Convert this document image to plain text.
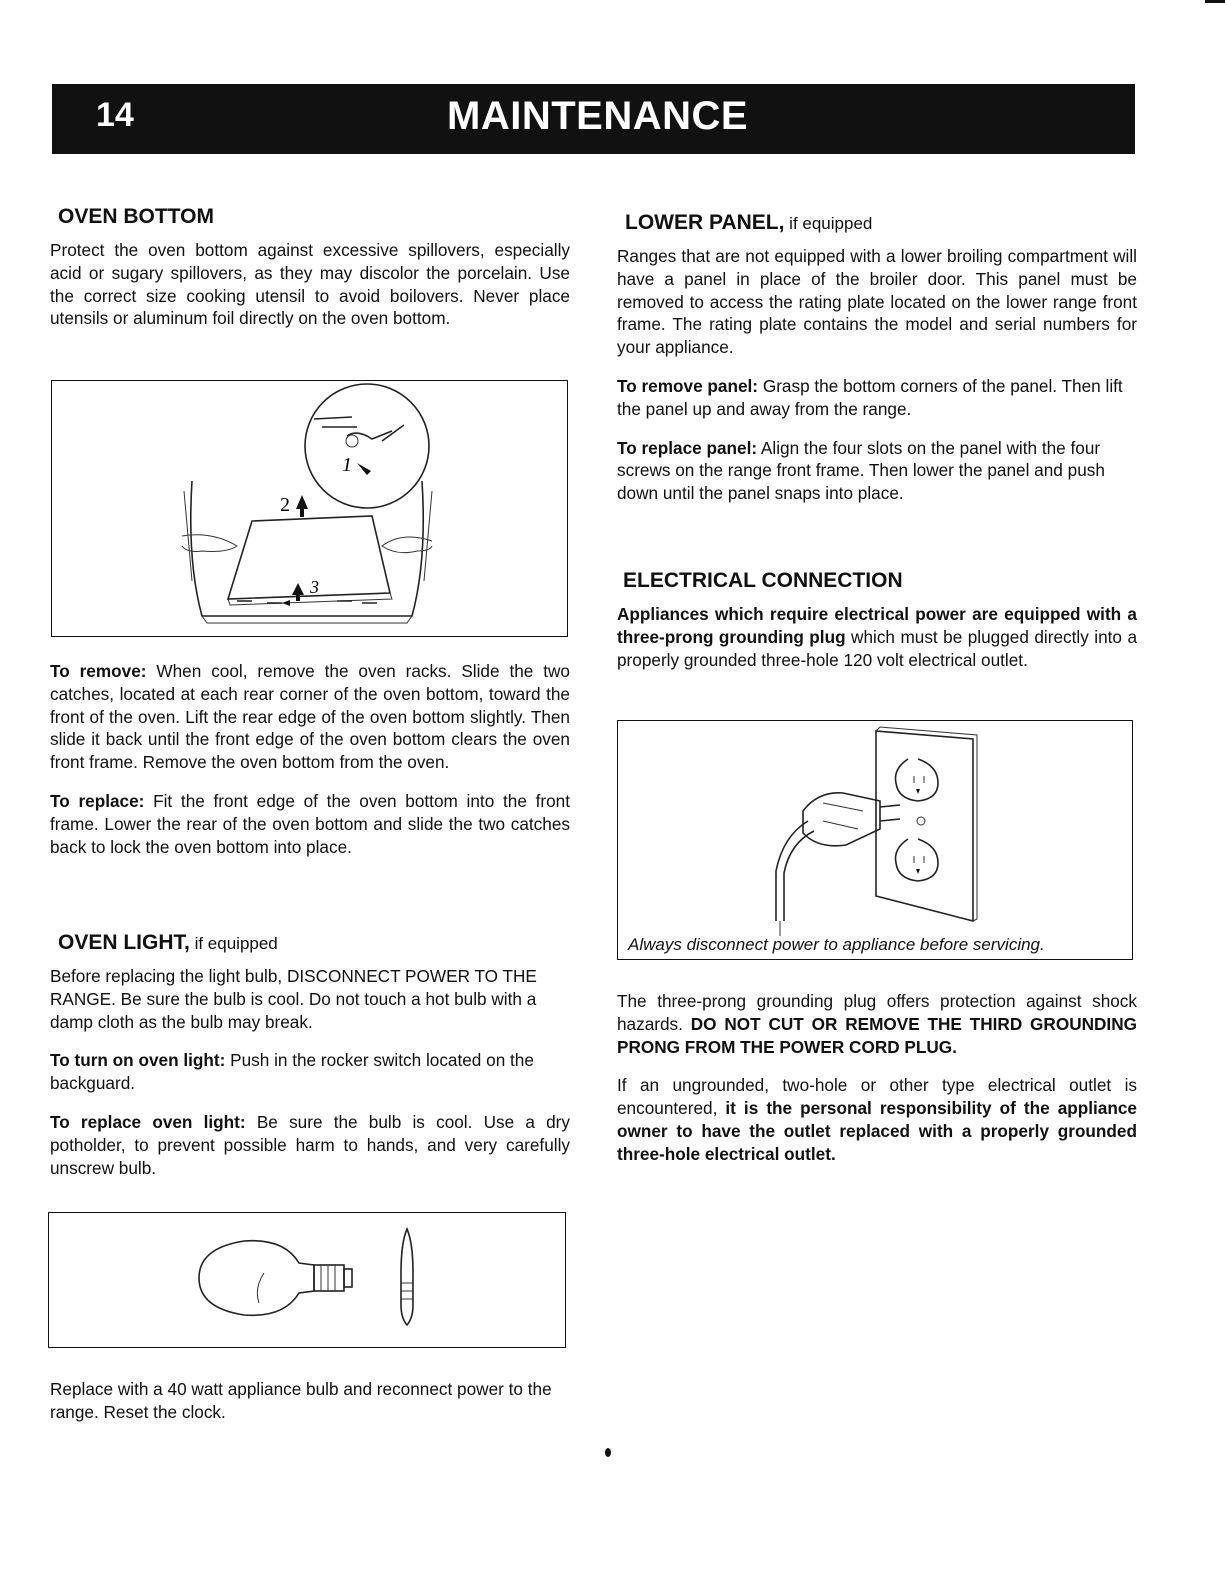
14	MAINTENANCE
OVEN BOTTOM

Protect the oven bottom against excessive spillovers, especially acid or sugary spillovers, as they may discolor the porcelain. Use the correct size cooking utensil to avoid boilovers. Never place utensils or aluminum foil directly on the oven bottom.

1
2
3

To remove: When cool, remove the oven racks. Slide the two catches, located at each rear corner of the oven bottom, toward the front of the oven. Lift the rear edge of the oven bottom slightly. Then slide it back until the front edge of the oven bottom clears the oven front frame. Remove the oven bottom from the oven.

To replace: Fit the front edge of the oven bottom into the front frame. Lower the rear of the oven bottom and slide the two catches back to lock the oven bottom into place.

OVEN LIGHT, if equipped

Before replacing the light bulb, DISCONNECT POWER TO THE RANGE. Be sure the bulb is cool. Do not touch a hot bulb with a damp cloth as the bulb may break.

To turn on oven light: Push in the rocker switch located on the backguard.

To replace oven light: Be sure the bulb is cool. Use a dry potholder, to prevent possible harm to hands, and very carefully unscrew bulb.

Replace with a 40 watt appliance bulb and reconnect power to the range. Reset the clock.

LOWER PANEL, if equipped

Ranges that are not equipped with a lower broiling compartment will have a panel in place of the broiler door. This panel must be removed to access the rating plate located on the lower range front frame. The rating plate contains the model and serial numbers for your appliance.

To remove panel: Grasp the bottom corners of the panel. Then lift the panel up and away from the range.

To replace panel: Align the four slots on the panel with the four screws on the range front frame. Then lower the panel and push down until the panel snaps into place.

ELECTRICAL CONNECTION

Appliances which require electrical power are equipped with a three-prong grounding plug which must be plugged directly into a properly grounded three-hole 120 volt electrical outlet.

Always disconnect power to appliance before servicing.

The three-prong grounding plug offers protection against shock hazards. DO NOT CUT OR REMOVE THE THIRD GROUNDING PRONG FROM THE POWER CORD PLUG.

If an ungrounded, two-hole or other type electrical outlet is encountered, it is the personal responsibility of the appliance owner to have the outlet replaced with a properly grounded three-hole electrical outlet.
